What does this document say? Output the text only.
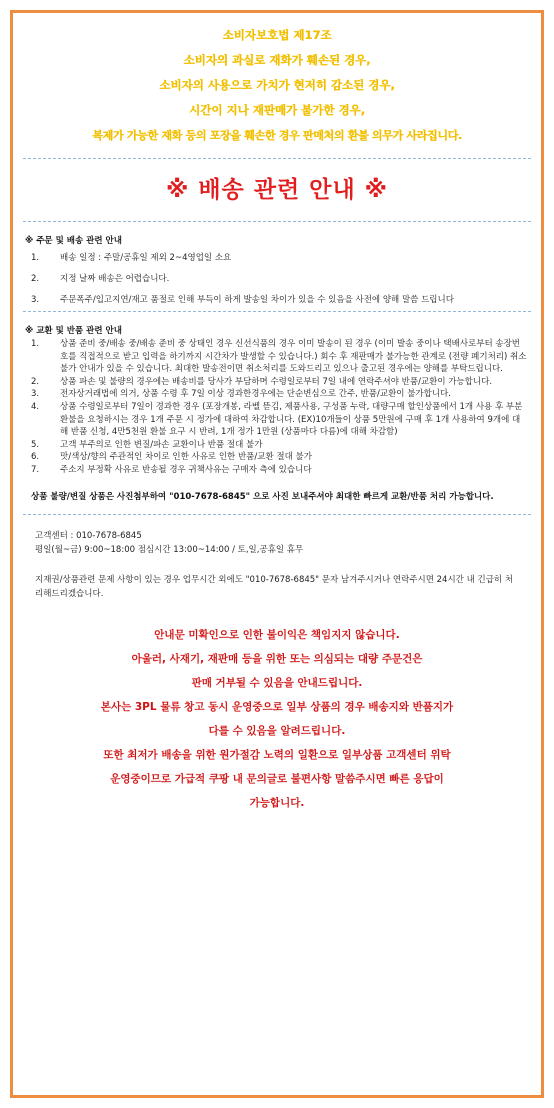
소비자보호법 제17조
소비자의 과실로 재화가 훼손된 경우,
소비자의 사용으로 가치가 현저히 감소된 경우,
시간이 지나 재판매가 불가한 경우,
복제가 가능한 재화 등의 포장을 훼손한 경우 판매처의 환불 의무가 사라집니다.
※ 배송 관련 안내 ※
※ 주문 및 배송 관련 안내
1. 배송 일정 : 주말/공휴일 제외 2~4영업일 소요
2. 지정 날짜 배송은 어렵습니다.
3. 주문폭주/입고지연/재고 품절로 인해 부득이 하게 발송일 차이가 있을 수 있음을 사전에 양해 말씀 드립니다
※ 교환 및 반품 관련 안내
1. 상품 준비 중/배송 중/배송 준비 중 상태인 경우 신선식품의 경우 이미 발송이 된 경우 (이미 발송 중이나 택배사로부터 송장번호를 직접적으로 받고 입력을 하기까지 시간차가 발생할 수 있습니다.) 회수 후 재판매가 불가능한 관계로 (전량 폐기처리) 취소 불가 안내가 있을 수 있습니다. 최대한 발송전이면 취소처리를 도와드리고 있으나 출고된 경우에는 양해를 부탁드립니다.
2. 상품 파손 및 불량의 경우에는 배송비를 당사가 부담하며 수령일로부터 7일 내에 연락주셔야 반품/교환이 가능합니다.
3. 전자상거래법에 의거, 상품 수령 후 7일 이상 경과한경우에는 단순변심으로 간주, 반품/교환이 불가합니다.
4. 상품 수령일로부터 7일이 경과한 경우 (포장개봉, 라벨 뜯김, 제품사용, 구성품 누락, 대량구매 할인상품에서 1개 사용 후 부분 환불을 요청하시는 경우 1개 주문 시 정가에 대하여 차감합니다. (EX)10개들이 상품 5만원에 구매 후 1개 사용하여 9개에 대해 반품 신청, 4만5천원 환불 요구 시 반려, 1개 정가 1만원 (상품마다 다름)에 대해 차감함)
5. 고객 부주의로 인한 변질/파손 교환이나 반품 절대 불가
6. 맛/색상/향의 주관적인 차이로 인한 사유로 인한 반품/교환 절대 불가
7. 주소지 부정확 사유로 반송될 경우 귀책사유는 구매자 측에 있습니다
상품 불량/변질 상품은 사진첨부하여 "010-7678-6845" 으로 사진 보내주셔야 최대한 빠르게 교환/반품 처리 가능합니다.
고객센터 : 010-7678-6845
평일(월~금) 9:00~18:00 점심시간 13:00~14:00 / 토,일,공휴일 휴무
지재권/상품관련 문제 사항이 있는 경우 업무시간 외에도 "010-7678-6845" 문자 남겨주시거나 연락주시면 24시간 내 긴급히 처리해드리겠습니다.
안내문 미확인으로 인한 불이익은 책임지지 않습니다.
아울러, 사재기, 재판매 등을 위한 또는 의심되는 대량 주문건은
판매 거부될 수 있음을 안내드립니다.
본사는 3PL 물류 창고 동시 운영중으로 일부 상품의 경우 배송지와 반품지가
다를 수 있음을 알려드립니다.
또한 최저가 배송을 위한 원가절감 노력의 일환으로 일부상품 고객센터 위탁
운영중이므로 가급적 쿠팡 내 문의글로 불편사항 말씀주시면 빠른 응답이
가능합니다.
